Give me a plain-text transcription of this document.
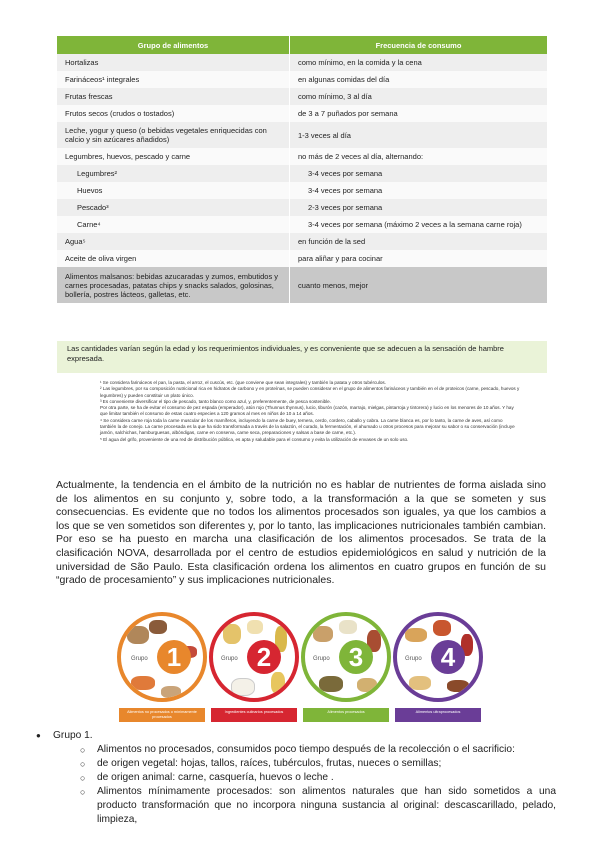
Grupo de alimentos		Frecuencia de consumo
Hortalizas		como mínimo, en la comida y la cena
Farináceos¹ integrales		en algunas comidas del día
Frutas frescas		como mínimo, 3 al día
Frutos secos (crudos o tostados)		de 3 a 7 puñados por semana
Leche, yogur y queso (o bebidas vegetales enriquecidas con calcio y sin azúcares añadidos)		1-3 veces al día
Legumbres, huevos, pescado y carne		no más de 2 veces al día, alternando:
Legumbres²		3-4 veces por semana
Huevos		3-4 veces por semana
Pescado³		2-3 veces por semana
Carne⁴		3-4 veces por semana (máximo 2 veces a la semana carne roja)
Agua⁵		en función de la sed
Aceite de oliva virgen		para aliñar y para cocinar
Alimentos malsanos: bebidas azucaradas y zumos, embutidos y carnes procesadas, patatas chips y snacks salados, golosinas, bollería, postres lácteos, galletas, etc.		cuanto menos, mejor
Las cantidades varían según la edad y los requerimientos individuales, y es conveniente que se adecuen a la sensación de hambre expresada.
¹ Se considera farináceos el pan, la pasta, el arroz, el cuscús, etc. (que conviene que sean integrales) y también la patata y otros tubérculos.
² Las legumbres, por su composición nutricional rica en hidratos de carbono y en proteínas, se pueden considerar en el grupo de alimentos farináceos y también en el de proteicos (carne, pescado, huevos y legumbres) y pueden constituir un plato único.
³ Es conveniente diversificar el tipo de pescado, tanto blanco como azul, y, preferentemente, de pesca sostenible.
Por otra parte, se ha de evitar el consumo de pez espada (emperador), atún rojo (Thunnus thynnus), lucio, tiburón (cazón, marrajo, mielgas, pintarroja y tintorera) y lucio en los menores de 10 años. Y hay que limitar también el consumo de estas cuatro especies a 120 gramos al mes en niños de 10 a 14 años.
⁴ Se considera carne roja toda la carne muscular de los mamíferos, incluyendo la carne de buey, ternera, cerdo, cordero, caballo y cabra. La carne blanca es, por lo tanto, la carne de aves, así como también la de conejo. La carne procesada es la que ha sido transformada a través de la salazón, el curado, la fermentación, el ahumado u otros procesos para mejorar su sabor o su conservación (incluye jamón, salchichas, hamburguesas, albóndigas, carne en conserva, carne seca, preparaciones y salsas a base de carne, etc.).
⁵ El agua del grifo, proveniente de una red de distribución pública, es apta y saludable para el consumo y evita la utilización de envases de un solo uso.
Actualmente, la tendencia en el ámbito de la nutrición no es hablar de nutrientes de forma aislada sino de los alimentos en su conjunto y, sobre todo, a la transformación a la que se someten y sus consecuencias. Es evidente que no todos los alimentos procesados son iguales, ya que los cambios a los que se ven sometidos son diferentes y, por lo tanto, las implicaciones nutricionales también cambian. Por eso se ha puesto en marcha una clasificación de los alimentos procesados. Se trata de la clasificación NOVA, desarrollada por el centro de estudios epidemiológicos en salud y nutrición de la universidad de São Paulo. Esta clasificación ordena los alimentos en cuatro grupos en función de su “grado de procesamiento” y sus implicaciones nutricionales.
Grupo 1
Alimentos no procesados o mínimamente procesados
Grupo 2
Ingredientes culinarios procesados
Grupo 3
Alimentos procesados
Grupo 4
Alimentos ultraprocesados
● Grupo 1.
○ Alimentos no procesados, consumidos poco tiempo después de la recolección o el sacrificio:
○ de origen vegetal: hojas, tallos, raíces, tubérculos, frutas, nueces o semillas;
○ de origen animal: carne, casquería, huevos o leche .
○ Alimentos mínimamente procesados: son alimentos naturales que han sido sometidos a una producto transformación que no incorpora ninguna sustancia al original: descascarillado, pelado, limpieza,
